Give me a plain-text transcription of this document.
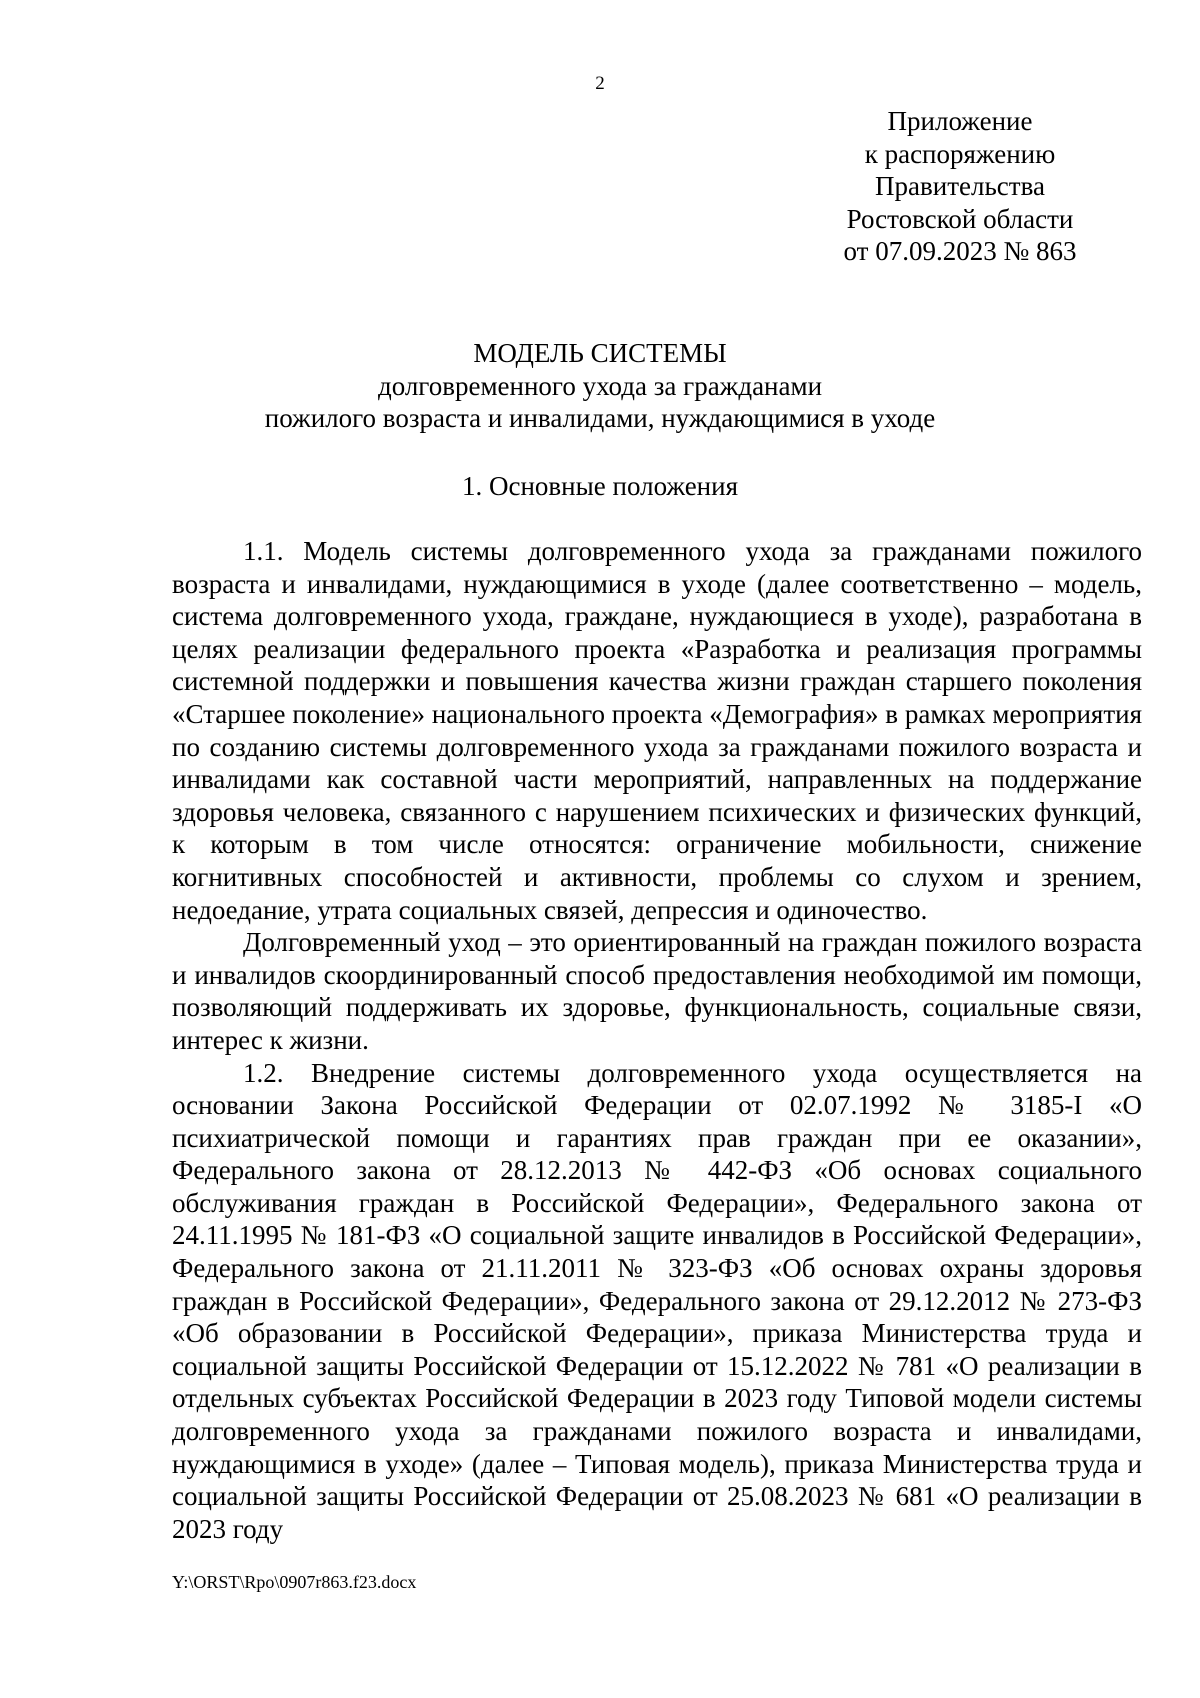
2
Приложение
к распоряжению
Правительства
Ростовской области
от 07.09.2023 № 863
МОДЕЛЬ СИСТЕМЫ
долговременного ухода за гражданами
пожилого возраста и инвалидами, нуждающимися в уходе
1. Основные положения

1.1. Модель системы долговременного ухода за гражданами пожилого возраста и инвалидами, нуждающимися в уходе (далее соответственно – модель, система долговременного ухода, граждане, нуждающиеся в уходе), разработана в целях реализации федерального проекта «Разработка и реализация программы системной поддержки и повышения качества жизни граждан старшего поколения «Старшее поколение» национального проекта «Демография» в рамках мероприятия по созданию системы долговременного ухода за гражданами пожилого возраста и инвалидами как составной части мероприятий, направленных на поддержание здоровья человека, связанного с нарушением психических и физических функций, к которым в том числе относятся: ограничение мобильности, снижение когнитивных способностей и активности, проблемы со слухом и зрением, недоедание, утрата социальных связей, депрессия и одиночество.

Долговременный уход – это ориентированный на граждан пожилого возраста и инвалидов скоординированный способ предоставления необходимой им помощи, позволяющий поддерживать их здоровье, функциональность, социальные связи, интерес к жизни.

1.2. Внедрение системы долговременного ухода осуществляется на основании Закона Российской Федерации от 02.07.1992 № 3185-I «О психиатрической помощи и гарантиях прав граждан при ее оказании», Федерального закона от 28.12.2013 № 442-ФЗ «Об основах социального обслуживания граждан в Российской Федерации», Федерального закона от 24.11.1995 № 181-ФЗ «О социальной защите инвалидов в Российской Федерации», Федерального закона от 21.11.2011 № 323-ФЗ «Об основах охраны здоровья граждан в Российской Федерации», Федерального закона от 29.12.2012 № 273-ФЗ «Об образовании в Российской Федерации», приказа Министерства труда и социальной защиты Российской Федерации от 15.12.2022 № 781 «О реализации в отдельных субъектах Российской Федерации в 2023 году Типовой модели системы долговременного ухода за гражданами пожилого возраста и инвалидами, нуждающимися в уходе» (далее – Типовая модель), приказа Министерства труда и социальной защиты Российской Федерации от 25.08.2023 № 681 «О реализации в 2023 году

Y:\ORST\Rpo\0907r863.f23.docx
